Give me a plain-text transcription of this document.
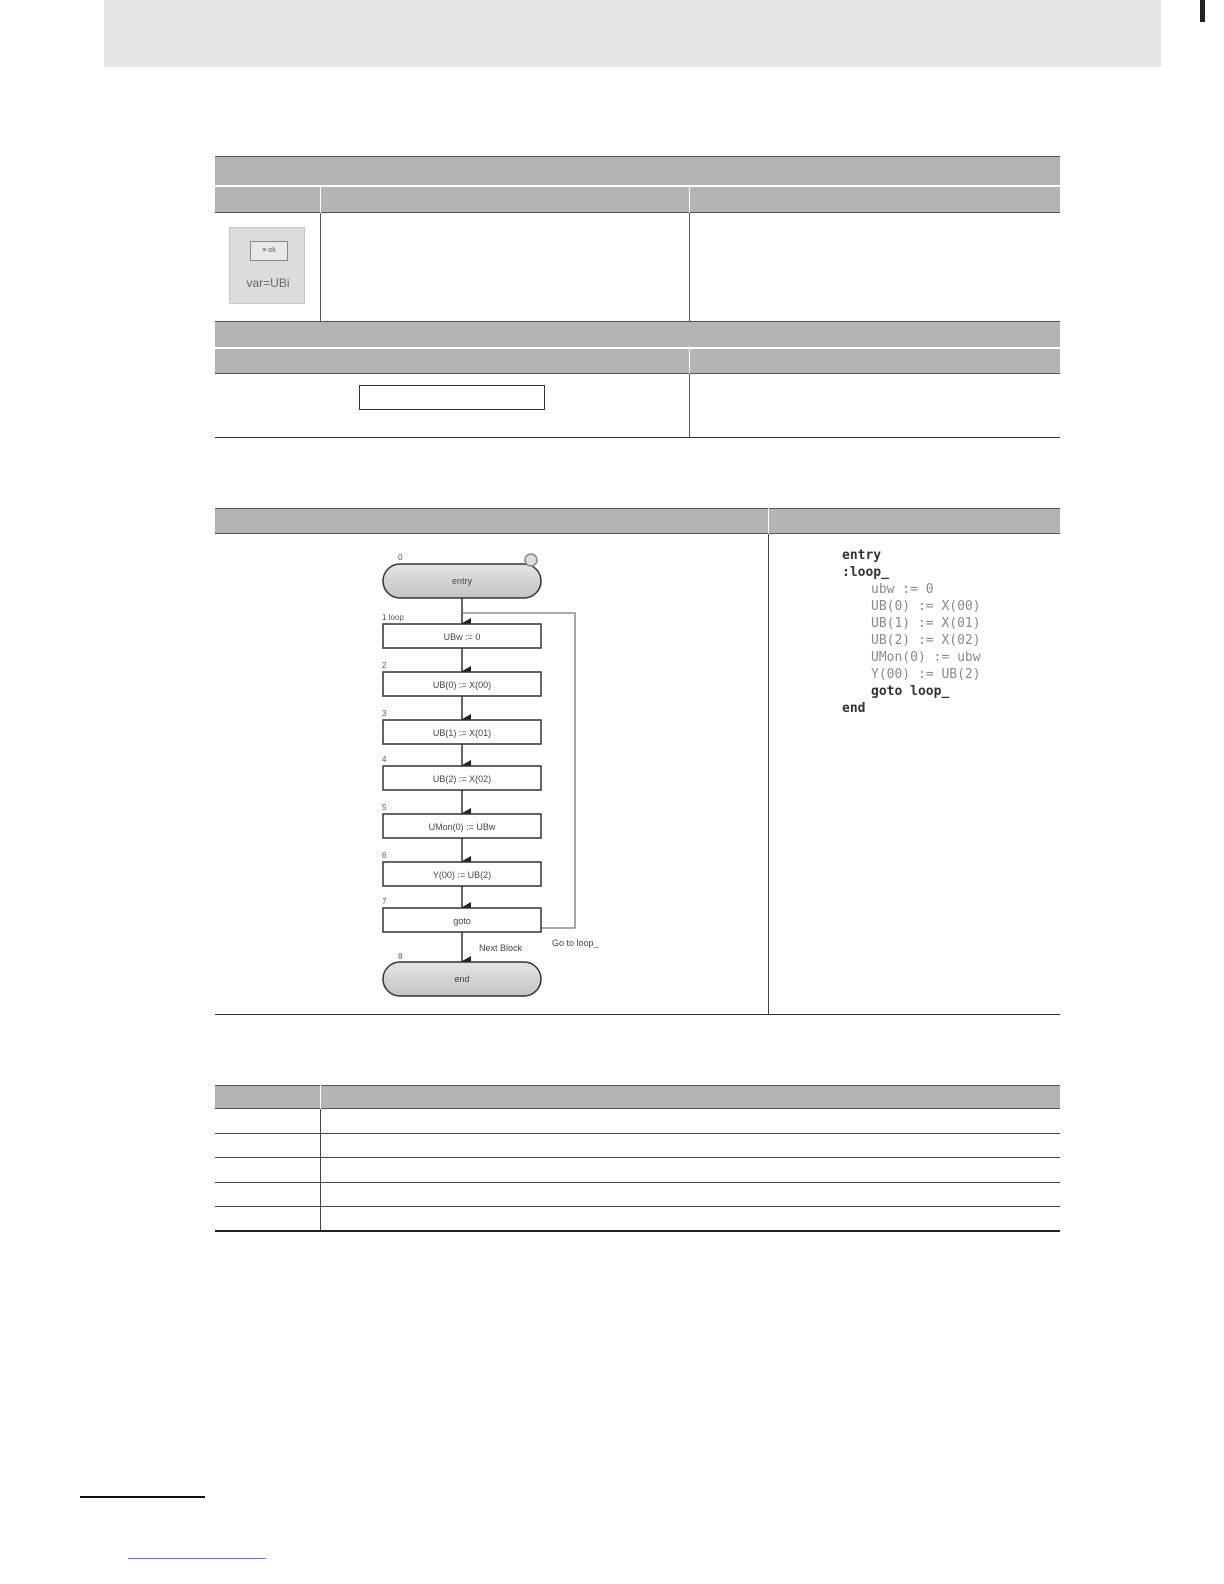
≡ ok
var=UBi
entry
0
UBw := 0
1 loop
UB(0) := X(00)
2
UB(1) := X(01)
3
UB(2) := X(02)
4
UMon(0) := UBw
5
Y(00) := UB(2)
6
goto
7
Next Block	Go to loop_
end
8
entry
:loop_
ubw := 0
UB(0) := X(00)
UB(1) := X(01)
UB(2) := X(02)
UMon(0) := ubw
Y(00) := UB(2)
goto loop_
end
